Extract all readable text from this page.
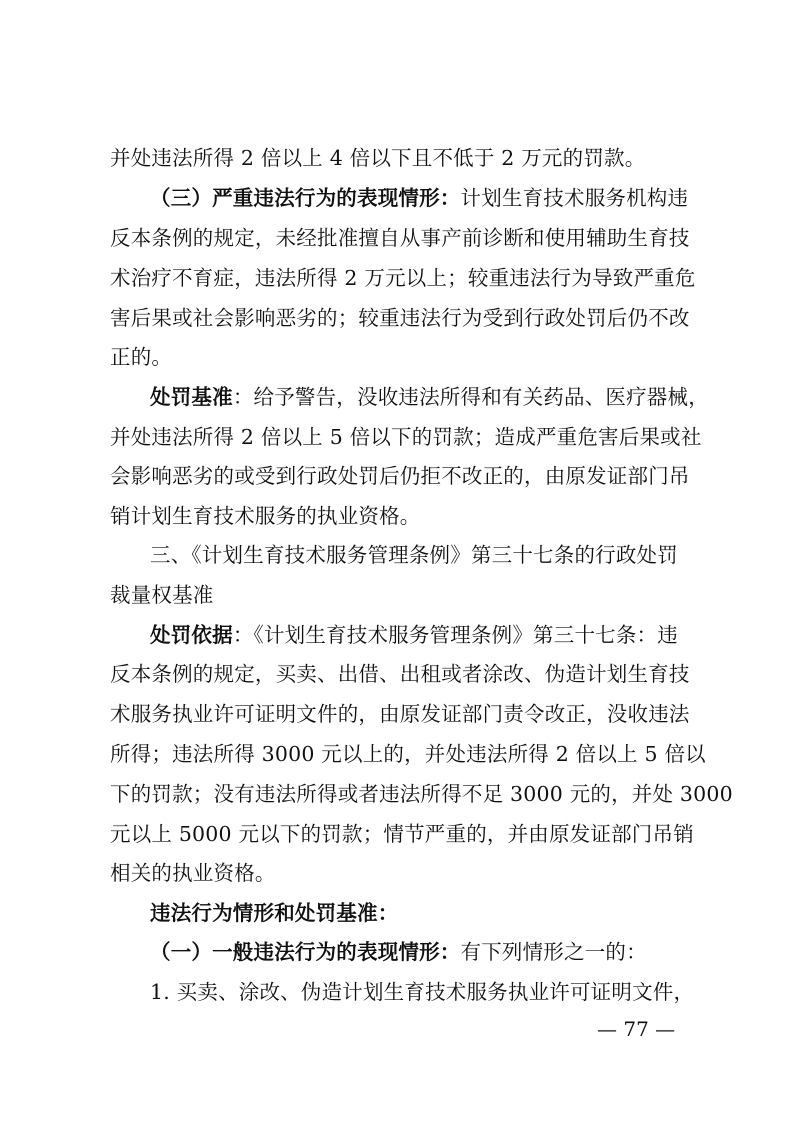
并处违法所得 2 倍以上 4 倍以下且不低于 2 万元的罚款。
（三）严重违法行为的表现情形：计划生育技术服务机构违
反本条例的规定，未经批准擅自从事产前诊断和使用辅助生育技
术治疗不育症，违法所得 2 万元以上；较重违法行为导致严重危
害后果或社会影响恶劣的；较重违法行为受到行政处罚后仍不改
正的。
处罚基准：给予警告，没收违法所得和有关药品、医疗器械，
并处违法所得 2 倍以上 5 倍以下的罚款；造成严重危害后果或社
会影响恶劣的或受到行政处罚后仍拒不改正的，由原发证部门吊
销计划生育技术服务的执业资格。
三、《计划生育技术服务管理条例》第三十七条的行政处罚
裁量权基准
处罚依据：《计划生育技术服务管理条例》第三十七条：违
反本条例的规定，买卖、出借、出租或者涂改、伪造计划生育技
术服务执业许可证明文件的，由原发证部门责令改正，没收违法
所得；违法所得 3000 元以上的，并处违法所得 2 倍以上 5 倍以
下的罚款；没有违法所得或者违法所得不足 3000 元的，并处 3000
元以上 5000 元以下的罚款；情节严重的，并由原发证部门吊销
相关的执业资格。
违法行为情形和处罚基准：
（一）一般违法行为的表现情形：有下列情形之一的：
1. 买卖、涂改、伪造计划生育技术服务执业许可证明文件，
— 77 —
